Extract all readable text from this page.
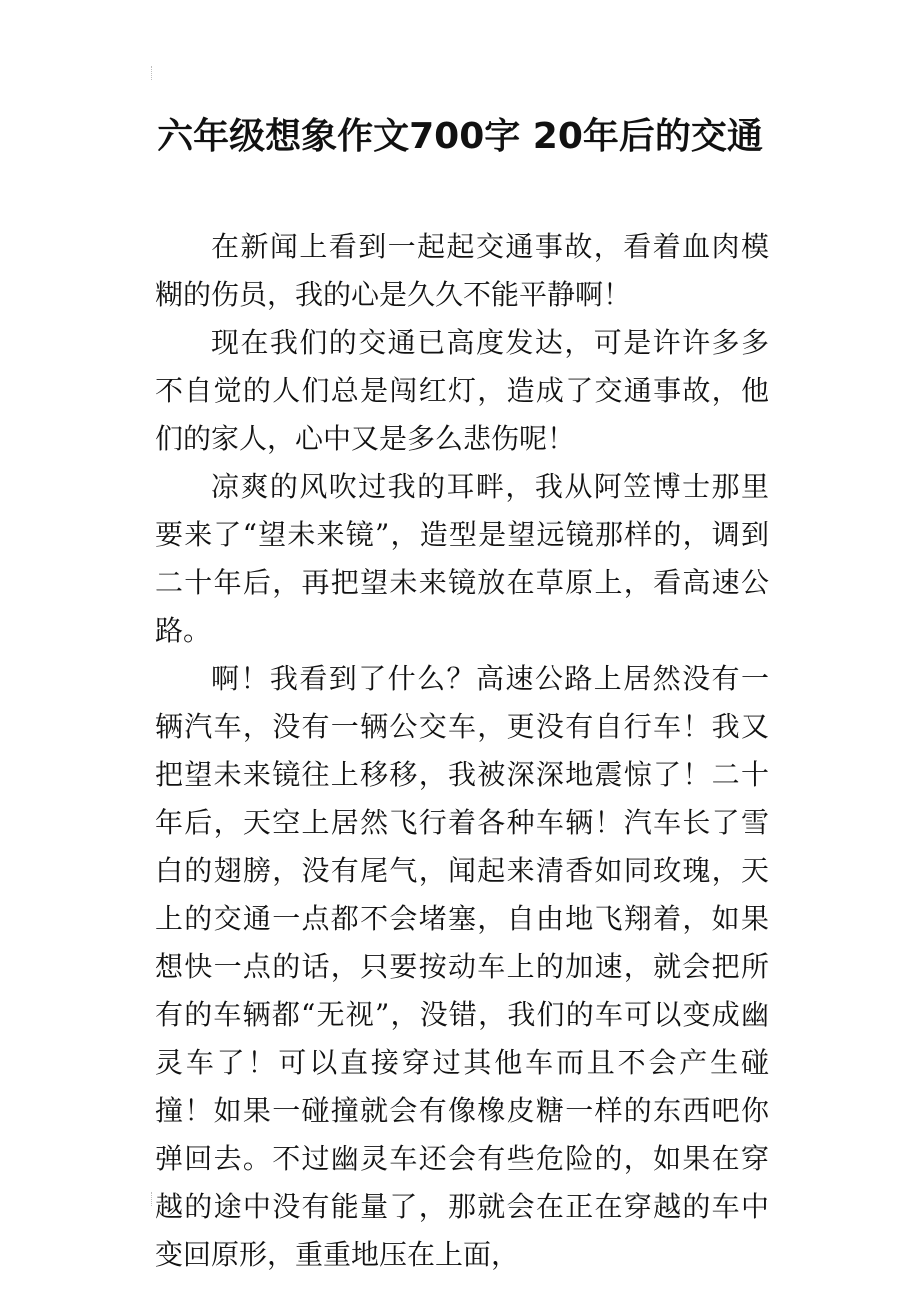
六年级想象作文700字 20年后的交通

在新闻上看到一起起交通事故，看着血肉模糊的伤员，我的心是久久不能平静啊！

现在我们的交通已高度发达，可是许许多多不自觉的人们总是闯红灯，造成了交通事故，他们的家人，心中又是多么悲伤呢！

凉爽的风吹过我的耳畔，我从阿笠博士那里要来了“望未来镜”，造型是望远镜那样的，调到二十年后，再把望未来镜放在草原上，看高速公路。

啊！我看到了什么？高速公路上居然没有一辆汽车，没有一辆公交车，更没有自行车！我又把望未来镜往上移移，我被深深地震惊了！二十年后，天空上居然飞行着各种车辆！汽车长了雪白的翅膀，没有尾气，闻起来清香如同玫瑰，天上的交通一点都不会堵塞，自由地飞翔着，如果想快一点的话，只要按动车上的加速，就会把所有的车辆都“无视”，没错，我们的车可以变成幽灵车了！可以直接穿过其他车而且不会产生碰撞！如果一碰撞就会有像橡皮糖一样的东西吧你弹回去。不过幽灵车还会有些危险的，如果在穿越的途中没有能量了，那就会在正在穿越的车中变回原形，重重地压在上面，
